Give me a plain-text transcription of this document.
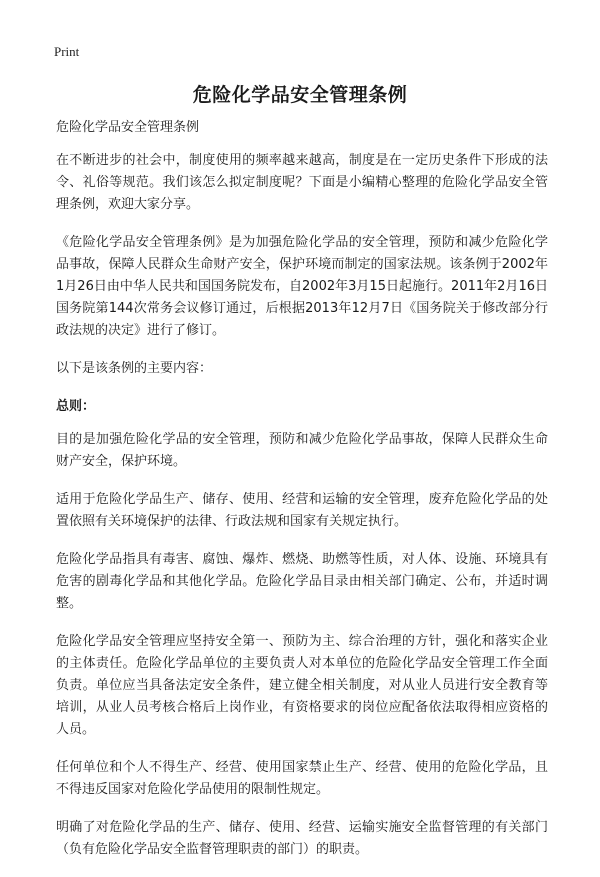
Print
危险化学品安全管理条例

危险化学品安全管理条例

在不断进步的社会中，制度使用的频率越来越高，制度是在一定历史条件下形成的法令、礼俗等规范。我们该怎么拟定制度呢？下面是小编精心整理的危险化学品安全管理条例，欢迎大家分享。

《危险化学品安全管理条例》是为加强危险化学品的安全管理，预防和减少危险化学品事故，保障人民群众生命财产安全，保护环境而制定的国家法规。该条例于2002年1月26日由中华人民共和国国务院发布，自2002年3月15日起施行。2011年2月16日国务院第144次常务会议修订通过，后根据2013年12月7日《国务院关于修改部分行政法规的决定》进行了修订。

以下是该条例的主要内容：

总则：

目的是加强危险化学品的安全管理，预防和减少危险化学品事故，保障人民群众生命财产安全，保护环境。

适用于危险化学品生产、储存、使用、经营和运输的安全管理，废弃危险化学品的处置依照有关环境保护的法律、行政法规和国家有关规定执行。

危险化学品指具有毒害、腐蚀、爆炸、燃烧、助燃等性质，对人体、设施、环境具有危害的剧毒化学品和其他化学品。危险化学品目录由相关部门确定、公布，并适时调整。

危险化学品安全管理应坚持安全第一、预防为主、综合治理的方针，强化和落实企业的主体责任。危险化学品单位的主要负责人对本单位的危险化学品安全管理工作全面负责。单位应当具备法定安全条件，建立健全相关制度，对从业人员进行安全教育等培训，从业人员考核合格后上岗作业，有资格要求的岗位应配备依法取得相应资格的人员。

任何单位和个人不得生产、经营、使用国家禁止生产、经营、使用的危险化学品，且不得违反国家对危险化学品使用的限制性规定。

明确了对危险化学品的生产、储存、使用、经营、运输实施安全监督管理的有关部门（负有危险化学品安全监督管理职责的部门）的职责。
